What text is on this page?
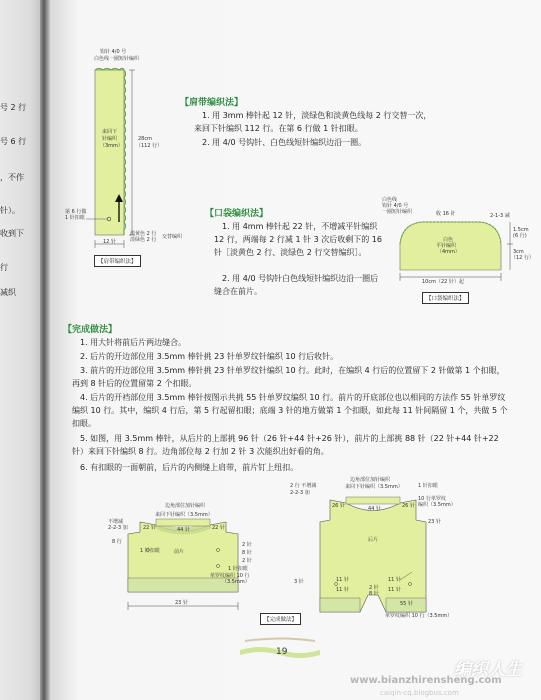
号 2 行
号 6 行
，不作
针）。
收到下
行
减织
钩针 4/0 号
白色线一圈短针编织
来回下
针编织
（3mm）
28cm
（112 行）
第 6 行做
1 针扣眼
淡黄色 2 行
淡绿色 2 行 交替编织
12 针
【肩带编织法】
【肩带编织法】
1. 用 3mm 棒针起 12 针，淡绿色和淡黄色线每 2 行交替一次，来回下针编织 112 行。在第 6 行做 1 针扣眼。
2. 用 4/0 号钩针、白色线短针编织边沿一圈。
【口袋编织法】
1. 用 4mm 棒针起 22 针，不增减平针编织 12 行，两端每 2 行减 1 针 3 次后收剩下的 16 针［淡黄色 2 行、淡绿色 2 行交替编织］。
2. 用 4/0 号钩针白色线短针编织边沿一圈后缝合在前片。
白色线
钩针 4/0 号
一圈短针编织	收 16 针	2-1-3 减
白色
平针编织
（4mm）
1.5cm
(6 行)
3cm
（12 行）
10cm（22 针）起
【口袋编织法】
【完成做法】
1. 用大针将前后片两边缝合。
2. 后片的开边部位用 3.5mm 棒针挑 23 针单罗纹针编织 10 行后收针。
3. 前片的开边部位用 3.5mm 棒针挑 23 针单罗纹针编织 10 行。此时，在编织 4 行后的位置留下 2 针做第 1 个扣眼，再到 8 针后的位置留第 2 个扣眼。
4. 后片的开裆部位用 3.5mm 棒针按图示共挑 55 针单罗纹编织 10 行。前片的开底部位也以相同的方法作 55 针单罗纹编织 10 行。其中，编织 4 行后，第 5 行起留扣眼；底端 3 针的地方做第 1 个扣眼，如此每 11 针间隔留 1 个，共做 5 个扣眼。
5. 如图，用 3.5mm 棒针，从后片的上部挑 96 针（26 针+44 针+26 针），前片的上部挑 88 针（22 针+44 针+22 针）来回下针编织 8 行。边角部位每 2 行加 2 针 3 次能织出好看的角。
6. 有扣眼的一面朝前，后片的内侧缝上肩带，前片钉上纽扣。
边角部位加针编织
来回下针编织（3.5mm）
22 针	44 针	22 针
不增减
2-2-3 加
8 行
1 针扣眼	前片
2 针
8 针
2 针
1 针扣眼
单罗纹编织 10 行
（3.5mm）
23 针
边角部位加针编织
来回下针编织（3.5mm）
26 针	44 针	26 针
2 行 不增减
2-2-3 加
1 针扣眼
10 行单罗纹
编织（3.5mm）
23 针
后片
3 针	11 针
11 针
11 针
11 针
2 针
8 针
单罗纹编织 10 行（3.5mm）
55 针
【完成做法】
19
编织人生
www.bianzhirensheng.com
caiqin-cq.blogbus.com
